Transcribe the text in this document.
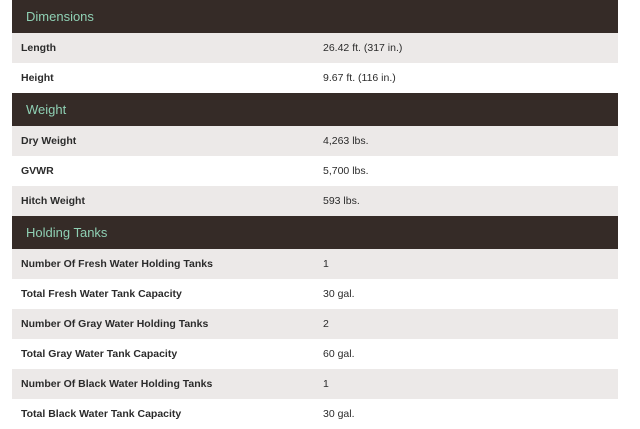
Dimensions
Length	26.42 ft. (317 in.)
Height	9.67 ft. (116 in.)
Weight
Dry Weight	4,263 lbs.
GVWR	5,700 lbs.
Hitch Weight	593 lbs.
Holding Tanks
Number Of Fresh Water Holding Tanks	1
Total Fresh Water Tank Capacity	30 gal.
Number Of Gray Water Holding Tanks	2
Total Gray Water Tank Capacity	60 gal.
Number Of Black Water Holding Tanks	1
Total Black Water Tank Capacity	30 gal.
